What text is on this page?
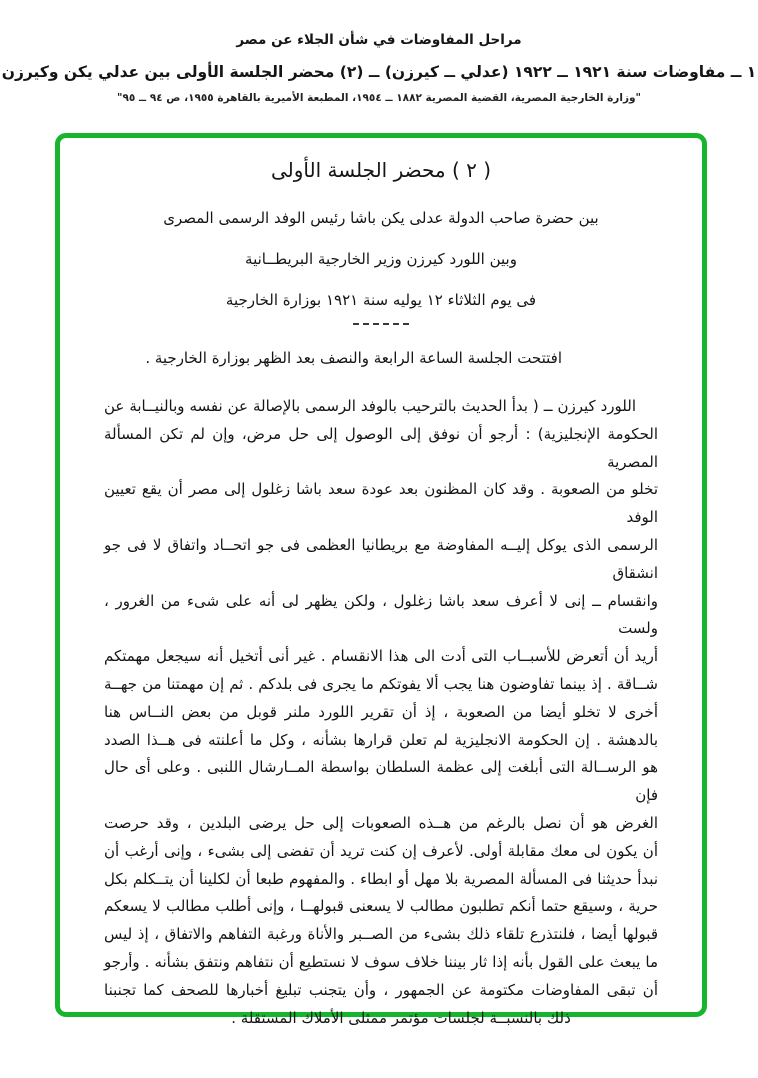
مراحل المفاوضات في شأن الجلاء عن مصر
١ ــ مفاوضات سنة ١٩٢١ ــ ١٩٢٢ (عدلي ــ كيرزن) ــ (٢) محضر الجلسة الأولى بين عدلي يكن وكيرزن
"وزارة الخارجية المصرية، القضية المصرية ١٨٨٢ ــ ١٩٥٤، المطبعة الأميرية بالقاهرة ١٩٥٥، ص ٩٤ ــ ٩٥"
( ٢ ) محضر الجلسة الأولى
بين حضرة صاحب الدولة عدلى يكن باشا رئيس الوفد الرسمى المصرى
وبين اللورد كيرزن وزير الخارجية البريطــانية
فى يوم الثلاثاء ١٢ يوليه سنة ١٩٢١ بوزارة الخارجية

افتتحت الجلسة الساعة الرابعة والنصف بعد الظهر بوزارة الخارجية .

اللورد كيرزن ــ ( بدأ الحديث بالترحيب بالوفد الرسمى بالإصالة عن نفسه وبالنيــابة عن
الحكومة الإنجليزية) : أرجو أن نوفق إلى الوصول إلى حل مرض، وإن لم تكن المسألة المصرية
تخلو من الصعوبة . وقد كان المظنون بعد عودة سعد باشا زغلول إلى مصر أن يقع تعيين الوفد
الرسمى الذى يوكل إليــه المفاوضة مع بريطانيا العظمى فى جو اتحــاد واتفاق لا فى جو انشقاق
وانقسام ــ إنى لا أعرف سعد باشا زغلول ، ولكن يظهر لى أنه على شىء من الغرور ، ولست
أريد أن أتعرض للأسبــاب التى أدت الى هذا الانقسام . غير أنى أتخيل أنه سيجعل مهمتكم
شــاقة . إذ بينما تفاوضون هنا يجب ألا يفوتكم ما يجرى فى بلدكم . ثم إن مهمتنا من جهــة
أخرى لا تخلو أيضا من الصعوبة ، إذ أن تقرير اللورد ملنر قوبل من بعض النــاس هنا
بالدهشة . إن الحكومة الانجليزية لم تعلن قرارها بشأنه ، وكل ما أعلنته فى هــذا الصدد
هو الرســالة التى أبلغت إلى عظمة السلطان بواسطة المــارشال اللنبى . وعلى أى حال فإن
الغرض هو أن نصل بالرغم من هــذه الصعوبات إلى حل يرضى البلدين ، وقد حرصت
أن يكون لى معك مقابلة أولى. لأعرف إن كنت تريد أن تفضى إلى بشىء ، وإنى أرغب أن
نبدأ حديثنا فى المسألة المصرية بلا مهل أو ابطاء . والمفهوم طبعا أن لكلينا أن يتــكلم بكل
حرية ، وسيقع حتما أنكم تطلبون مطالب لا يسعنى قبولهــا ، وإنى أطلب مطالب لا يسعكم
قبولها أيضا ، فلنتذرع تلقاء ذلك بشىء من الصــبر والأناة ورغبة التفاهم والاتفاق ، إذ ليس
ما يبعث على القول بأنه إذا ثار بيننا خلاف سوف لا نستطيع أن نتفاهم ونتفق بشأنه . وأرجو
أن تبقى المفاوضات مكتومة عن الجمهور ، وأن يتجنب تبليغ أخبارها للصحف كما تجنبنا
ذلك بالنسبــة لجلسات مؤتمر ممثلى الأملاك المستقلة .
